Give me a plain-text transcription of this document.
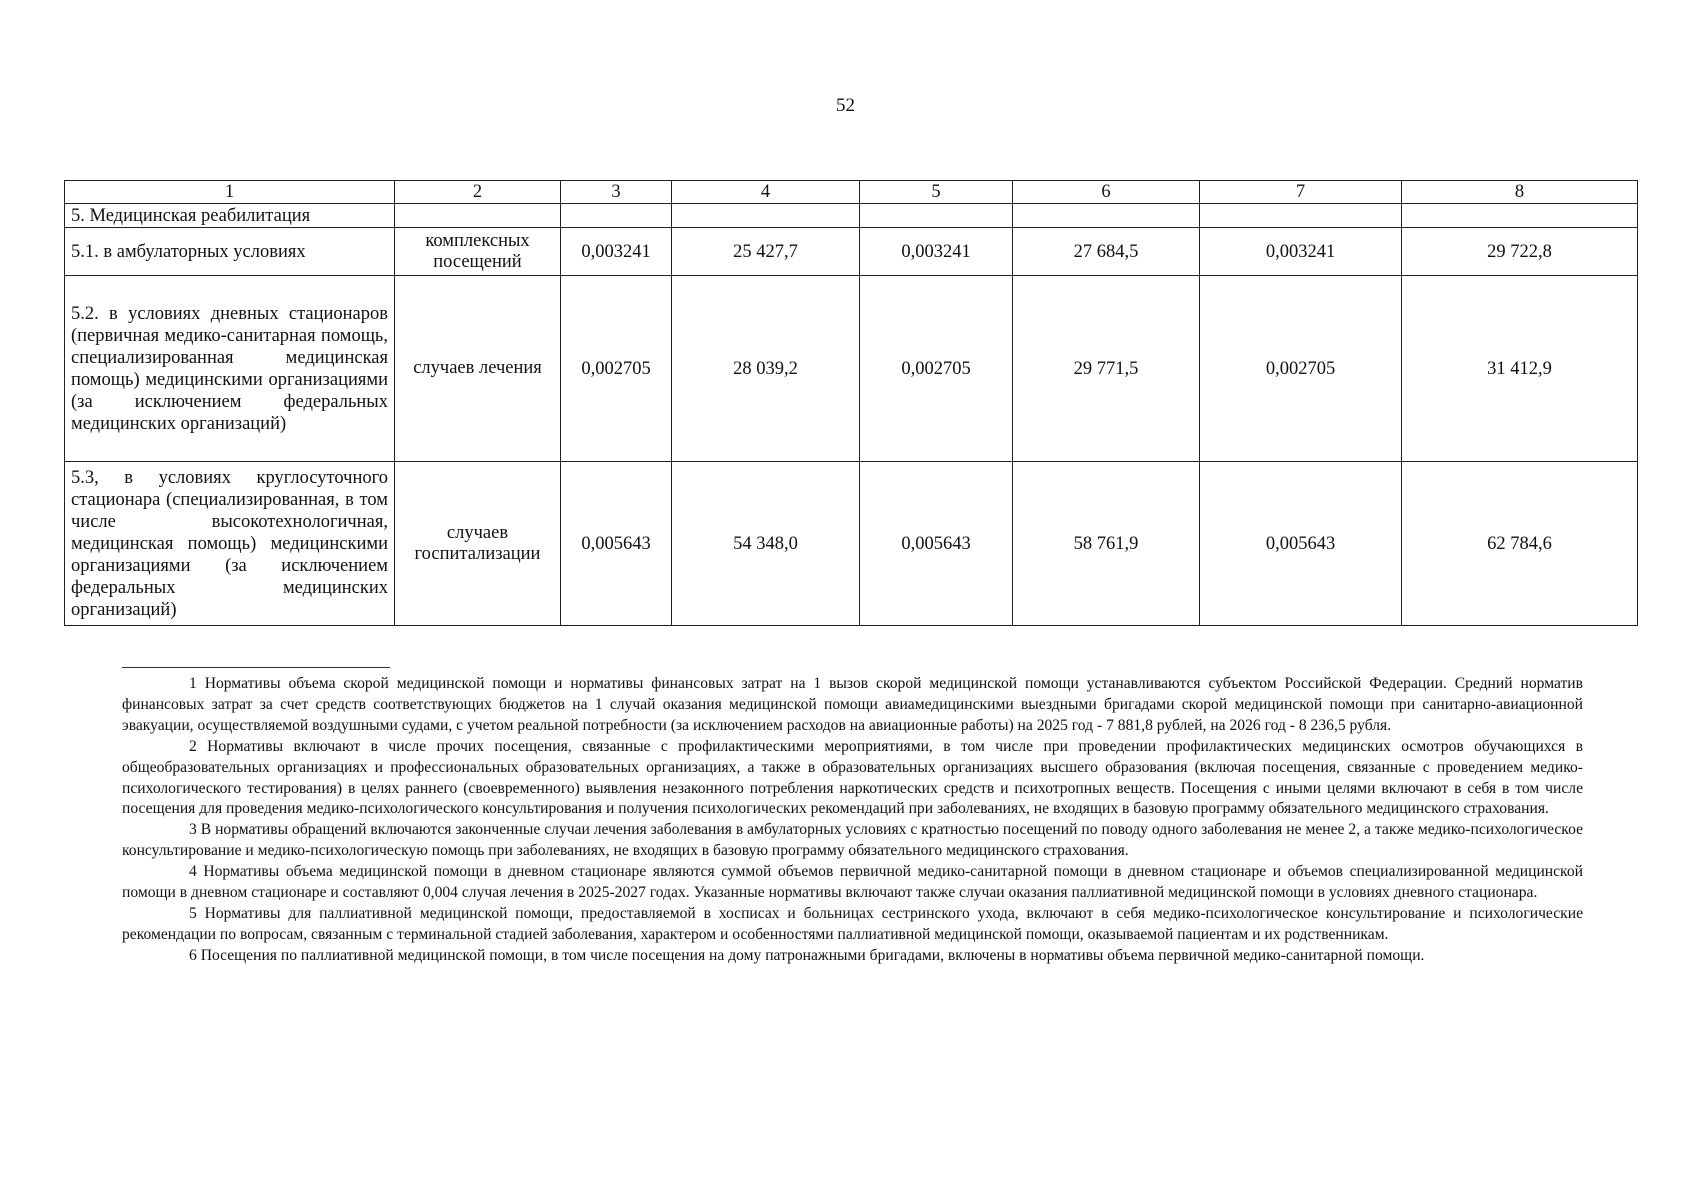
52
1	2	3	4	5	6	7	8
5. Медицинская реабилитация							
5.1. в амбулаторных условиях	комплексных посещений	0,003241	25 427,7	0,003241	27 684,5	0,003241	29 722,8
5.2. в условиях дневных стационаров (первичная медико-санитарная помощь, специализированная медицинская помощь) медицинскими организациями (за исключением федеральных медицинских организаций)	случаев лечения	0,002705	28 039,2	0,002705	29 771,5	0,002705	31 412,9
5.3, в условиях круглосуточного стационара (специализированная, в том числе высокотехнологичная, медицинская помощь) медицинскими организациями (за исключением федеральных медицинских организаций)	случаев госпитализации	0,005643	54 348,0	0,005643	58 761,9	0,005643	62 784,6

1 Нормативы объема скорой медицинской помощи и нормативы финансовых затрат на 1 вызов скорой медицинской помощи устанавливаются субъектом Российской Федерации. Средний норматив финансовых затрат за счет средств соответствующих бюджетов на 1 случай оказания медицинской помощи авиамедицинскими выездными бригадами скорой медицинской помощи при санитарно-авиационной эвакуации, осуществляемой воздушными судами, с учетом реальной потребности (за исключением расходов на авиационные работы) на 2025 год - 7 881,8 рублей, на 2026 год - 8 236,5 рубля.

2 Нормативы включают в числе прочих посещения, связанные с профилактическими мероприятиями, в том числе при проведении профилактических медицинских осмотров обучающихся в общеобразовательных организациях и профессиональных образовательных организациях, а также в образовательных организациях высшего образования (включая посещения, связанные с проведением медико-психологического тестирования) в целях раннего (своевременного) выявления незаконного потребления наркотических средств и психотропных веществ. Посещения с иными целями включают в себя в том числе посещения для проведения медико-психологического консультирования и получения психологических рекомендаций при заболеваниях, не входящих в базовую программу обязательного медицинского страхования.

3 В нормативы обращений включаются законченные случаи лечения заболевания в амбулаторных условиях с кратностью посещений по поводу одного заболевания не менее 2, а также медико-психологическое консультирование и медико-психологическую помощь при заболеваниях, не входящих в базовую программу обязательного медицинского страхования.

4 Нормативы объема медицинской помощи в дневном стационаре являются суммой объемов первичной медико-санитарной помощи в дневном стационаре и объемов специализированной медицинской помощи в дневном стационаре и составляют 0,004 случая лечения в 2025-2027 годах. Указанные нормативы включают также случаи оказания паллиативной медицинской помощи в условиях дневного стационара.

5 Нормативы для паллиативной медицинской помощи, предоставляемой в хосписах и больницах сестринского ухода, включают в себя медико-психологическое консультирование и психологические рекомендации по вопросам, связанным с терминальной стадией заболевания, характером и особенностями паллиативной медицинской помощи, оказываемой пациентам и их родственникам.

6 Посещения по паллиативной медицинской помощи, в том числе посещения на дому патронажными бригадами, включены в нормативы объема первичной медико-санитарной помощи.
